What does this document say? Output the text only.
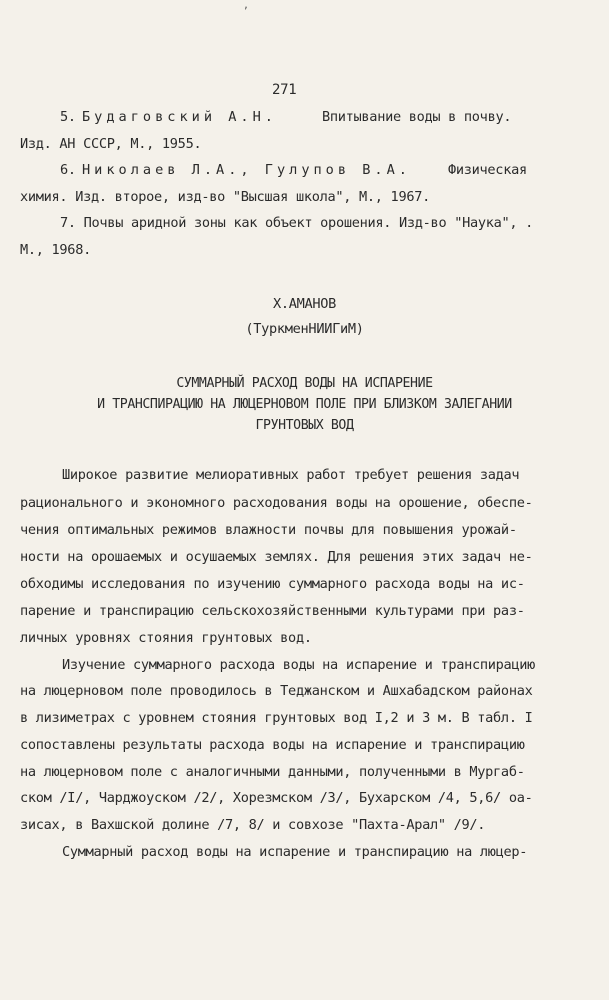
,
271
5. Будаговский А.Н.	Впитывание воды в почву.
Изд. АН СССР, М., 1955.
6. Николаев Л.А., Гулупов В.А.	Физическая
химия. Изд. второе, изд-во "Высшая школа", М., 1967.
7. Почвы аридной зоны как объект орошения. Изд-во "Наука", .
М., 1968.
Х.АМАНОВ
(ТуркменНИИГиМ)
СУММАРНЫЙ РАСХОД ВОДЫ НА ИСПАРЕНИЕ
И ТРАНСПИРАЦИЮ НА ЛЮЦЕРНОВОМ ПОЛЕ ПРИ БЛИЗКОМ ЗАЛЕГАНИИ
ГРУНТОВЫХ ВОД
Широкое развитие мелиоративных работ требует решения задач
рационального и экономного расходования воды на орошение, обеспе-
чения оптимальных режимов влажности почвы для повышения урожай-
ности на орошаемых и осушаемых землях. Для решения этих задач не-
обходимы исследования по изучению суммарного расхода воды на ис-
парение и транспирацию сельскохозяйственными культурами при раз-
личных уровнях стояния грунтовых вод.
Изучение суммарного расхода воды на испарение и транспирацию
на люцерновом поле проводилось в Теджанском и Ашхабадском районах
в лизиметрах с уровнем стояния грунтовых вод I,2 и 3 м. В табл. I
сопоставлены результаты расхода воды на испарение и транспирацию
на люцерновом поле с аналогичными данными, полученными в Мургаб-
ском /I/, Чарджоуском /2/, Хорезмском /3/, Бухарском /4, 5,6/ оа-
зисах, в Вахшской долине /7, 8/ и совхозе "Пахта-Арал" /9/.
Суммарный расход воды на испарение и транспирацию на люцер-
